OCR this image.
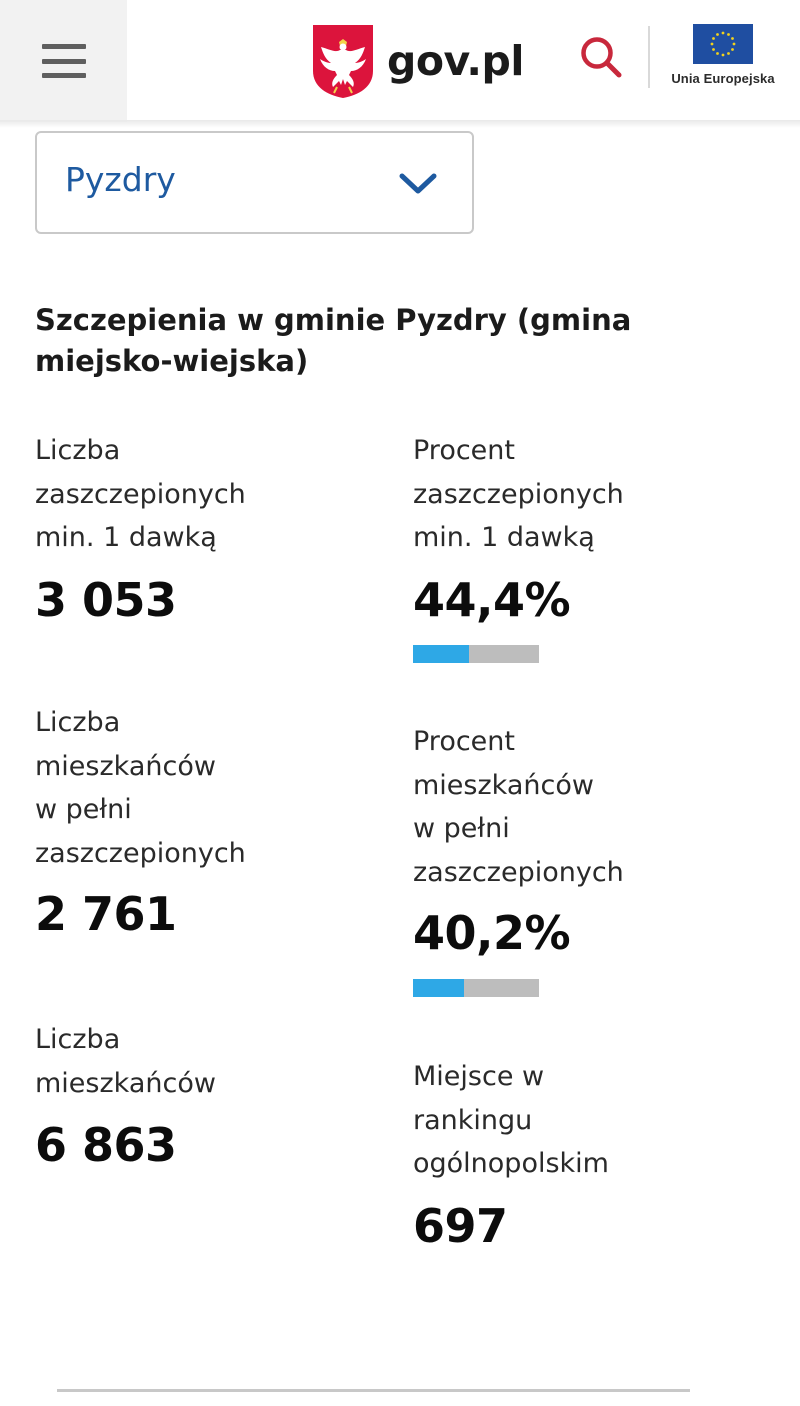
gov.pl	Unia Europejska
Pyzdry
Szczepienia w gminie Pyzdry (gmina miejsko-wiejska)
Liczba
zaszczepionych
min. 1 dawką
3 053
Liczba
mieszkańców
w pełni
zaszczepionych
2 761
Liczba
mieszkańców
6 863
Procent
zaszczepionych
min. 1 dawką
44,4%
Procent
mieszkańców
w pełni
zaszczepionych
40,2%
Miejsce w
rankingu
ogólnopolskim
697
